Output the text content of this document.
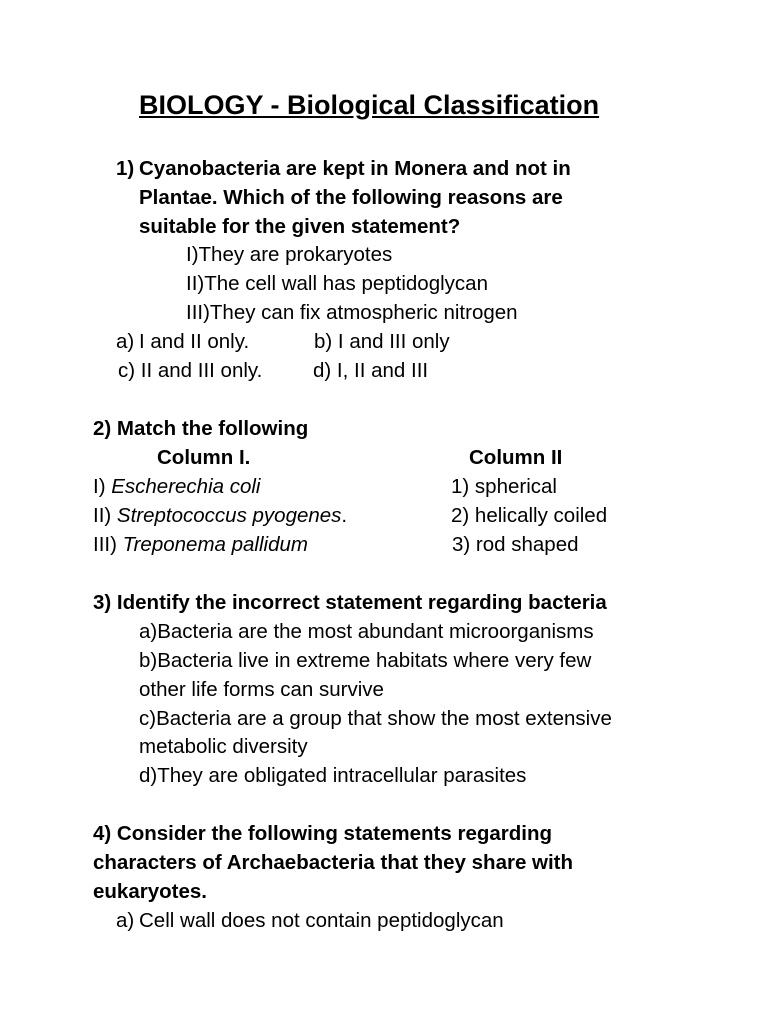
BIOLOGY - Biological Classification
1) Cyanobacteria are kept in Monera and not in
Plantae. Which of the following reasons are
suitable for the given statement?
I)They are prokaryotes
II)The cell wall has peptidoglycan
III)They can fix atmospheric nitrogen
a) I and II only.	b) I and III only
c) II and III only. d) I, II and III
2) Match the following
Column I.	Column II
I) Escherechia coli	1) spherical
II) Streptococcus pyogenes.	2) helically coiled
III) Treponema pallidum	3) rod shaped
3) Identify the incorrect statement regarding bacteria
a)Bacteria are the most abundant microorganisms
b)Bacteria live in extreme habitats where very few
other life forms can survive
c)Bacteria are a group that show the most extensive
metabolic diversity
d)They are obligated intracellular parasites
4) Consider the following statements regarding
characters of Archaebacteria that they share with
eukaryotes.
a) Cell wall does not contain peptidoglycan
